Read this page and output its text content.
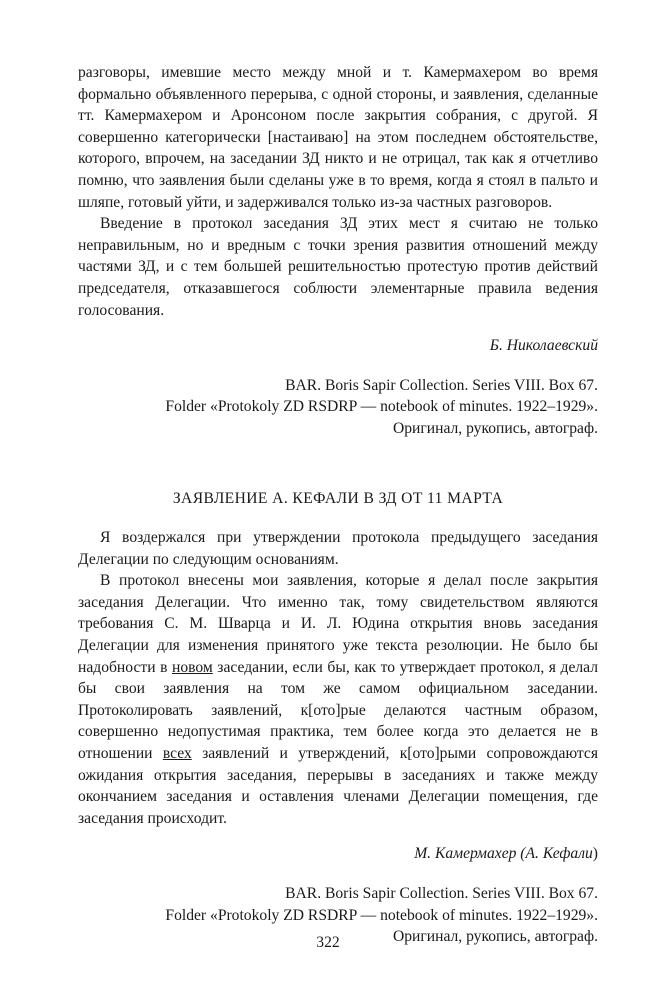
разговоры, имевшие место между мной и т. Камермахером во время формально объявленного перерыва, с одной стороны, и заявления, сделанные тт. Камермахером и Аронсоном после закрытия собрания, с другой. Я совершенно категорически [настаиваю] на этом последнем обстоятельстве, которого, впрочем, на заседании ЗД никто и не отрицал, так как я отчетливо помню, что заявления были сделаны уже в то время, когда я стоял в пальто и шляпе, готовый уйти, и задерживался только из-за частных разговоров.

Введение в протокол заседания ЗД этих мест я считаю не только неправильным, но и вредным с точки зрения развития отношений между частями ЗД, и с тем большей решительностью протестую против действий председателя, отказавшегося соблюсти элементарные правила ведения голосования.

Б. Николаевский

BAR. Boris Sapir Collection. Series VIII. Box 67.
Folder «Protokoly ZD RSDRP — notebook of minutes. 1922–1929».
Оригинал, рукопись, автограф.
ЗАЯВЛЕНИЕ А. КЕФАЛИ В ЗД ОТ 11 МАРТА

Я воздержался при утверждении протокола предыдущего заседания Делегации по следующим основаниям.

В протокол внесены мои заявления, которые я делал после закрытия заседания Делегации. Что именно так, тому свидетельством являются требования С. М. Шварца и И. Л. Юдина открытия вновь заседания Делегации для изменения принятого уже текста резолюции. Не было бы надобности в новом заседании, если бы, как то утверждает протокол, я делал бы свои заявления на том же самом официальном заседании. Протоколировать заявлений, к[ото]рые делаются частным образом, совершенно недопустимая практика, тем более когда это делается не в отношении всех заявлений и утверждений, к[ото]рыми сопровождаются ожидания открытия заседания, перерывы в заседаниях и также между окончанием заседания и оставления членами Делегации помещения, где заседания происходит.

М. Камермахер (А. Кефали)

BAR. Boris Sapir Collection. Series VIII. Box 67.
Folder «Protokoly ZD RSDRP — notebook of minutes. 1922–1929».
Оригинал, рукопись, автограф.
322
